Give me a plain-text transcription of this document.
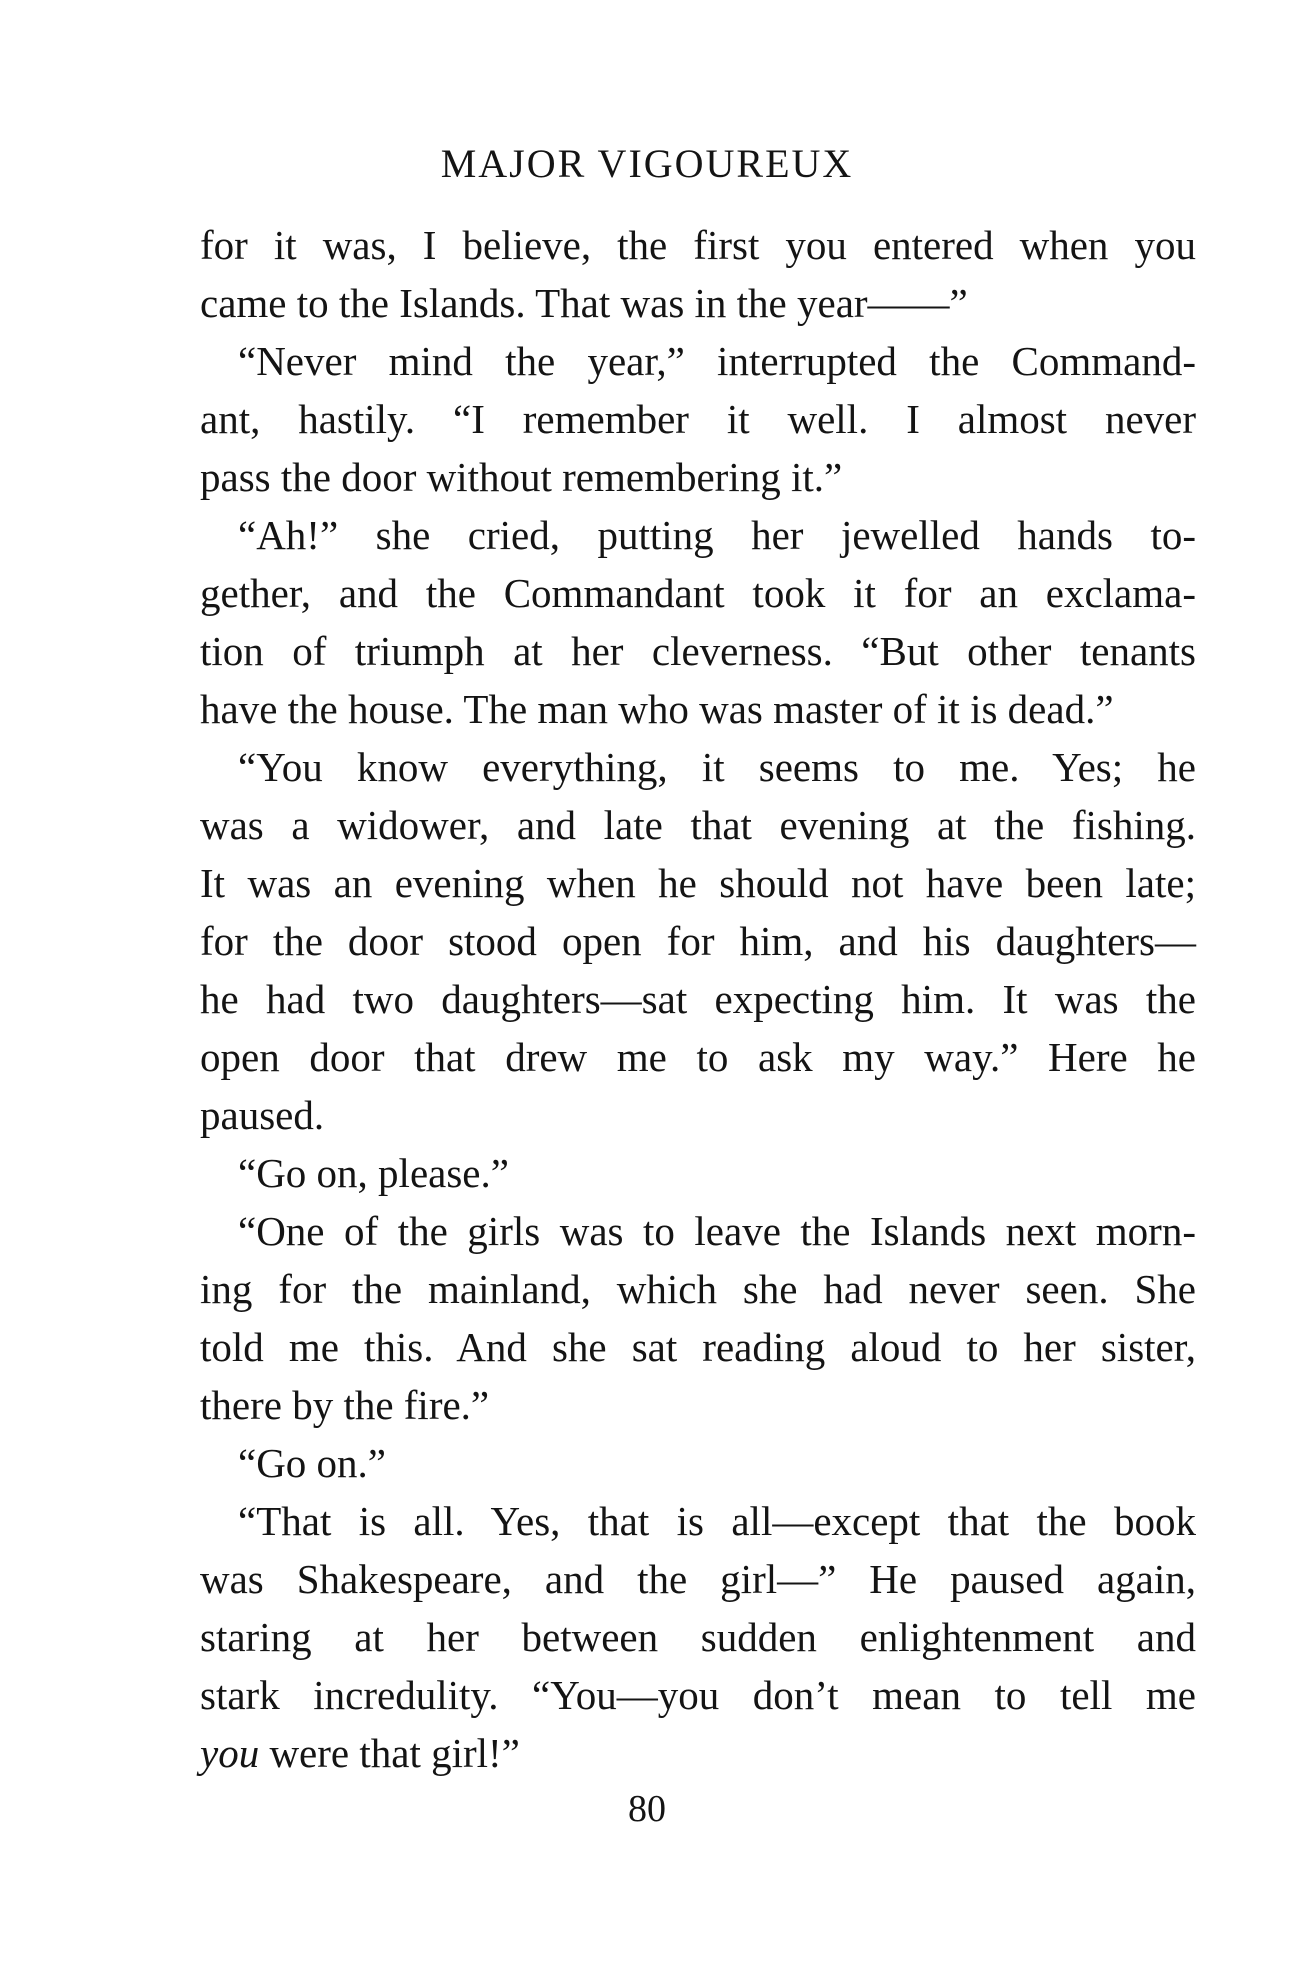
MAJOR VIGOUREUX
for it was, I believe, the first you entered when you
came to the Islands. That was in the year——”
“Never mind the year,” interrupted the Command-
ant, hastily. “I remember it well. I almost never
pass the door without remembering it.”
“Ah!” she cried, putting her jewelled hands to-
gether, and the Commandant took it for an exclama-
tion of triumph at her cleverness. “But other tenants
have the house. The man who was master of it is dead.”
“You know everything, it seems to me. Yes; he
was a widower, and late that evening at the fishing.
It was an evening when he should not have been late;
for the door stood open for him, and his daughters—
he had two daughters—sat expecting him. It was the
open door that drew me to ask my way.” Here he
paused.
“Go on, please.”
“One of the girls was to leave the Islands next morn-
ing for the mainland, which she had never seen. She
told me this. And she sat reading aloud to her sister,
there by the fire.”
“Go on.”
“That is all. Yes, that is all—except that the book
was Shakespeare, and the girl—” He paused again,
staring at her between sudden enlightenment and
stark incredulity. “You—you don’t mean to tell me
you were that girl!”
80
